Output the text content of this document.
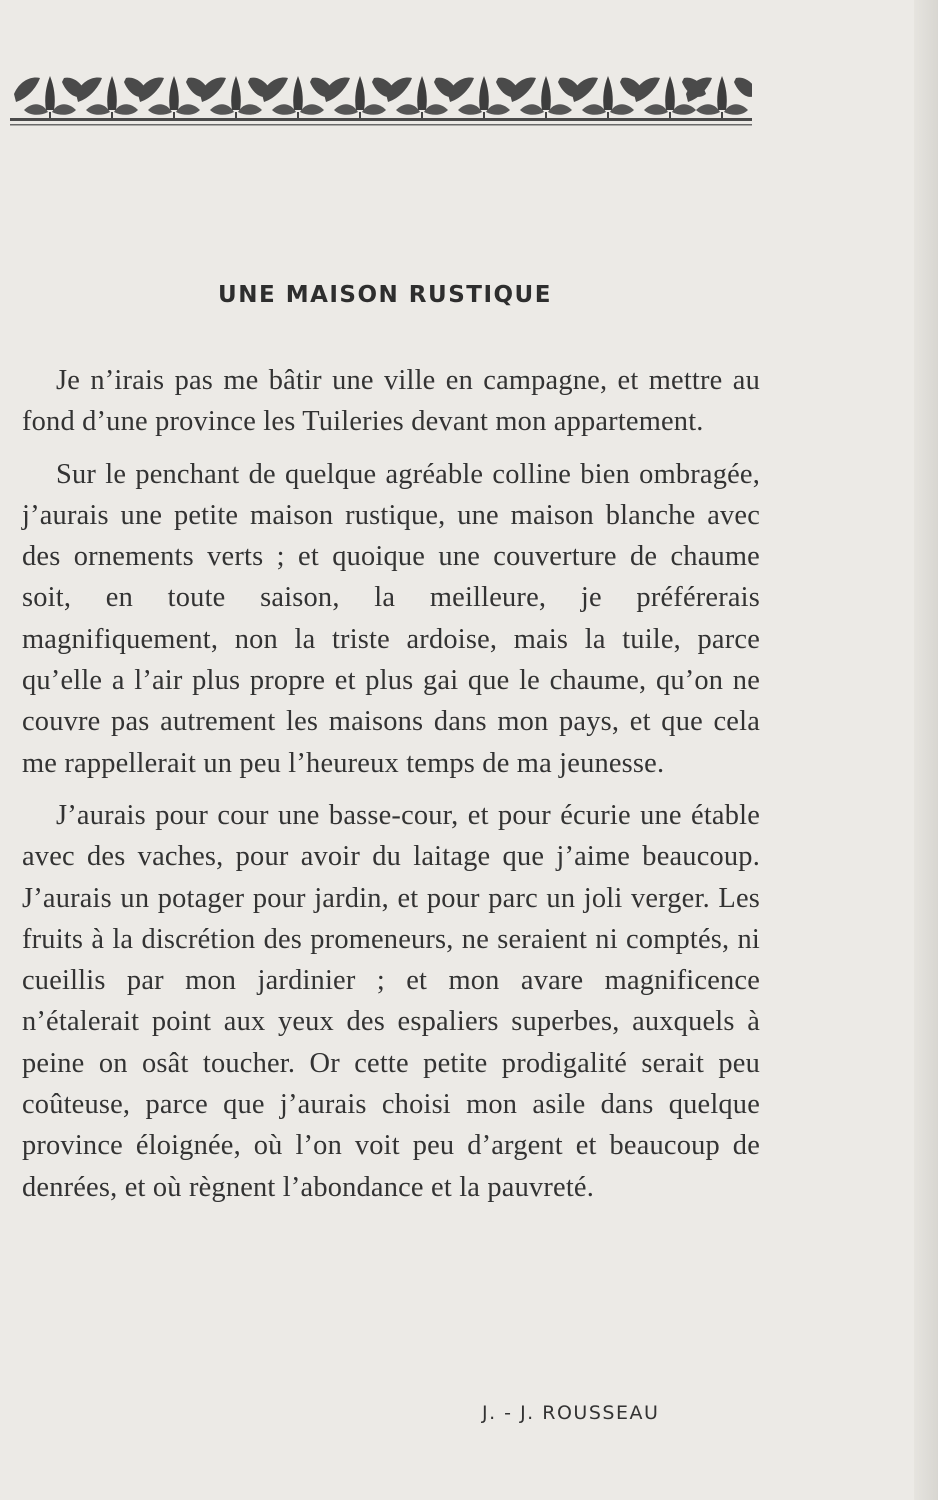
UNE MAISON RUSTIQUE

Je n’irais pas me bâtir une ville en campagne, et mettre au fond d’une province les Tuileries devant mon appartement.

Sur le penchant de quelque agréable colline bien ombragée, j’aurais une petite maison rustique, une maison blanche avec des ornements verts ; et quoique une couverture de chaume soit, en toute saison, la meilleure, je préférerais magnifiquement, non la triste ardoise, mais la tuile, parce qu’elle a l’air plus propre et plus gai que le chaume, qu’on ne couvre pas autrement les maisons dans mon pays, et que cela me rappellerait un peu l’heureux temps de ma jeunesse.

J’aurais pour cour une basse-cour, et pour écurie une étable avec des vaches, pour avoir du laitage que j’aime beaucoup. J’aurais un potager pour jardin, et pour parc un joli verger. Les fruits à la discrétion des promeneurs, ne seraient ni comptés, ni cueillis par mon jardinier ; et mon avare magnificence n’étalerait point aux yeux des espaliers superbes, auxquels à peine on osât toucher. Or cette petite prodigalité serait peu coûteuse, parce que j’aurais choisi mon asile dans quelque province éloignée, où l’on voit peu d’argent et beaucoup de denrées, et où règnent l’abondance et la pauvreté.

J. - J. ROUSSEAU
